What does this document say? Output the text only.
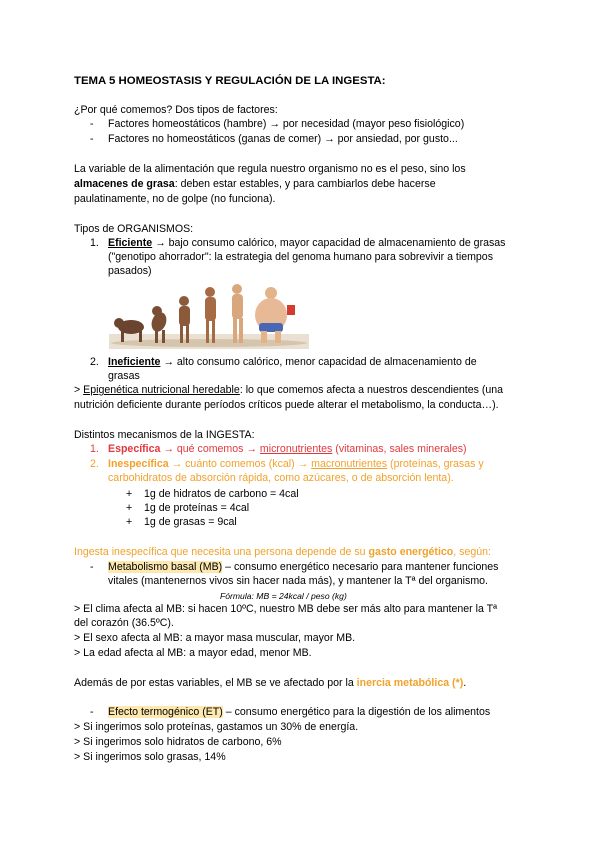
TEMA 5 HOMEOSTASIS Y REGULACIÓN DE LA INGESTA:
¿Por qué comemos? Dos tipos de factores:
- Factores homeostáticos (hambre) → por necesidad (mayor peso fisiológico)
- Factores no homeostáticos (ganas de comer) → por ansiedad, por gusto...
La variable de la alimentación que regula nuestro organismo no es el peso, sino los
almacenes de grasa: deben estar estables, y para cambiarlos debe hacerse
paulatinamente, no de golpe (no funciona).
Tipos de ORGANISMOS:
1. Eficiente → bajo consumo calórico, mayor capacidad de almacenamiento de grasas
("genotipo ahorrador": la estrategia del genoma humano para sobrevivir a tiempos
pasados)
2. Ineficiente → alto consumo calórico, menor capacidad de almacenamiento de
grasas
> Epigenética nutricional heredable: lo que comemos afecta a nuestros descendientes (una
nutrición deficiente durante períodos críticos puede alterar el metabolismo, la conducta…).
Distintos mecanismos de la INGESTA:
1. Específica → qué comemos → micronutrientes (vitaminas, sales minerales)
2. Inespecífica → cuánto comemos (kcal) → macronutrientes (proteínas, grasas y
carbohidratos de absorción rápida, como azúcares, o de absorción lenta).
+ 1g de hidratos de carbono = 4cal
+ 1g de proteínas = 4cal
+ 1g de grasas = 9cal
Ingesta inespecífica que necesita una persona depende de su gasto energético, según:
- Metabolismo basal (MB) – consumo energético necesario para mantener funciones
vitales (mantenernos vivos sin hacer nada más), y mantener la Tª del organismo.
Fórmula: MB = 24kcal / peso (kg)
> El clima afecta al MB: si hacen 10ºC, nuestro MB debe ser más alto para mantener la Tª
del corazón (36.5ºC).
> El sexo afecta al MB: a mayor masa muscular, mayor MB.
> La edad afecta al MB: a mayor edad, menor MB.
Además de por estas variables, el MB se ve afectado por la inercia metabólica (*).
- Efecto termogénico (ET) – consumo energético para la digestión de los alimentos
> Si ingerimos solo proteínas, gastamos un 30% de energía.
> Si ingerimos solo hidratos de carbono, 6%
> Si ingerimos solo grasas, 14%
